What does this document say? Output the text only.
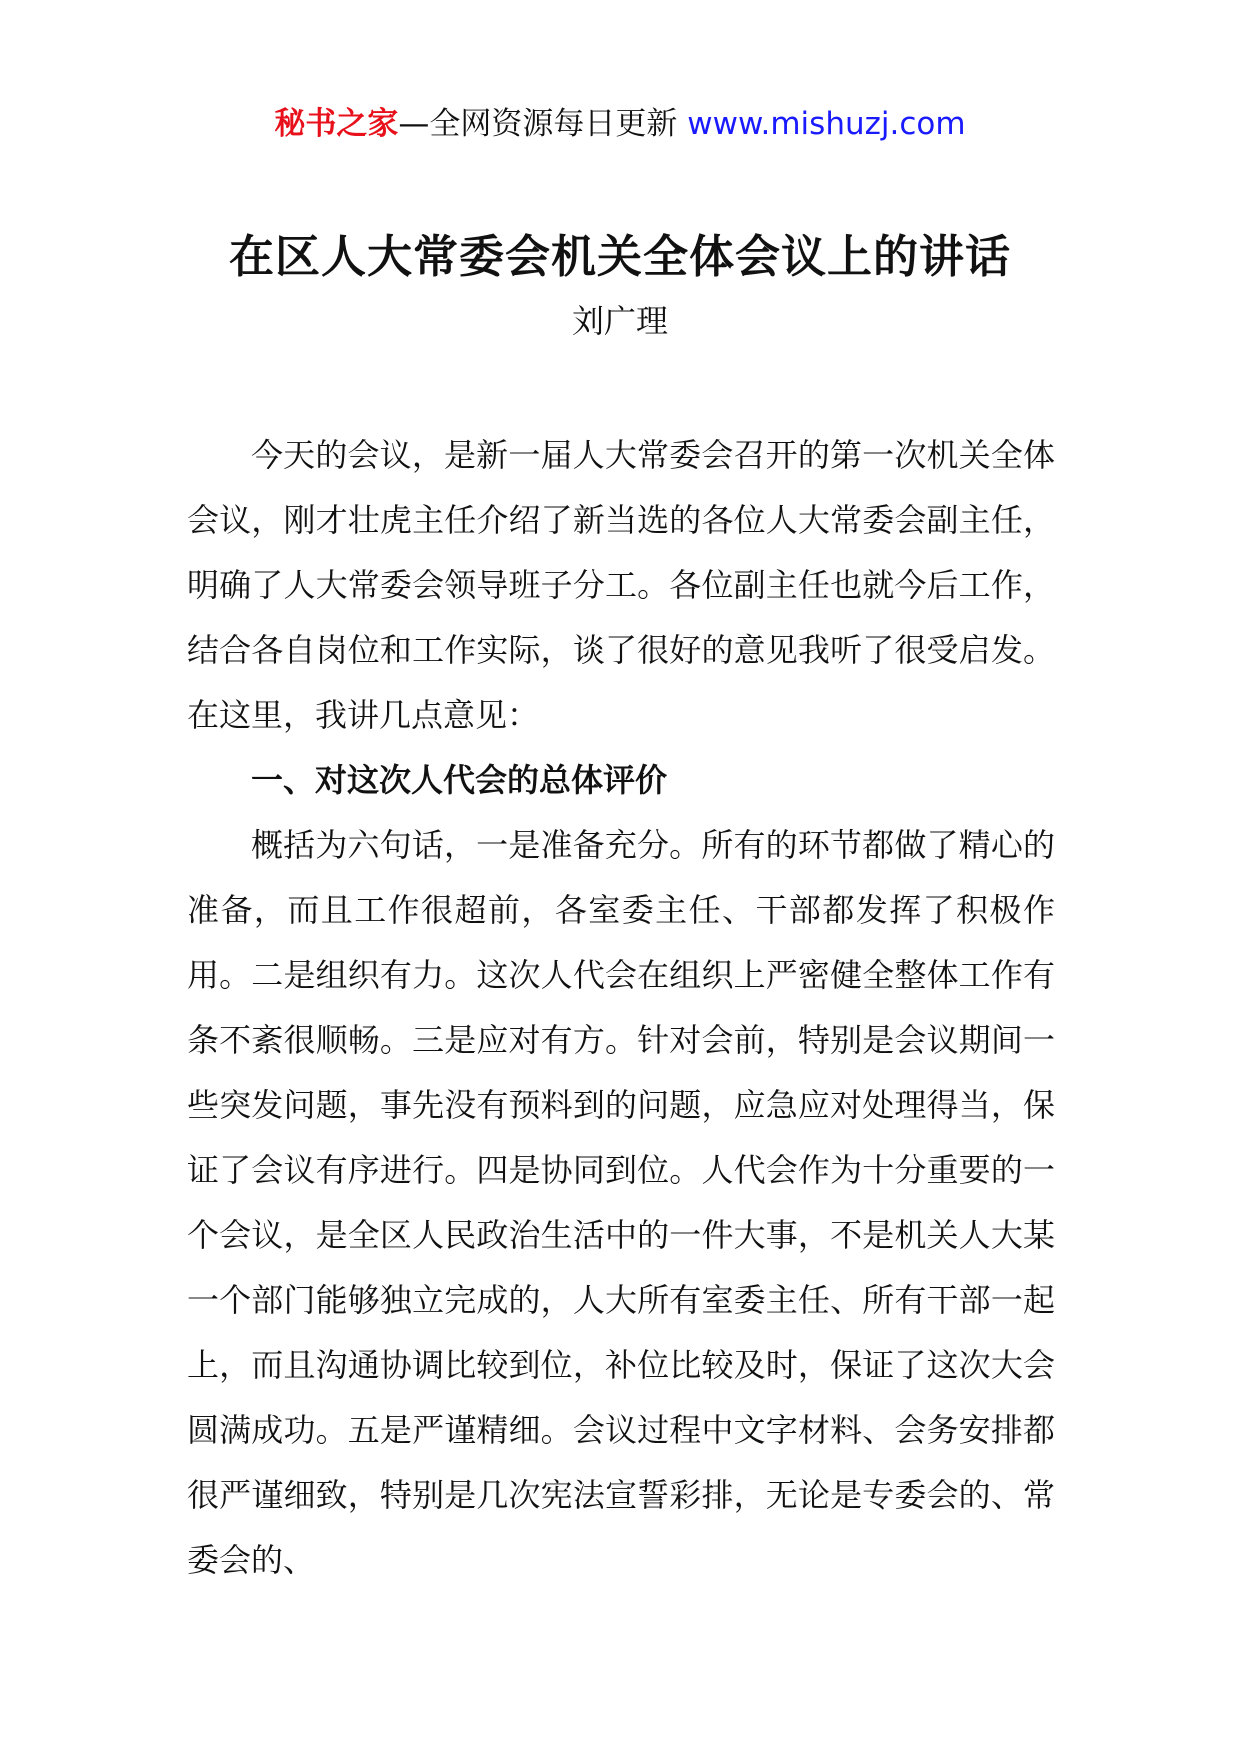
秘书之家—全网资源每日更新 www.mishuzj.com
在区人大常委会机关全体会议上的讲话
刘广理

今天的会议，是新一届人大常委会召开的第一次机关全体会议，刚才壮虎主任介绍了新当选的各位人大常委会副主任，明确了人大常委会领导班子分工。各位副主任也就今后工作，结合各自岗位和工作实际，谈了很好的意见我听了很受启发。在这里，我讲几点意见：

一、对这次人代会的总体评价

概括为六句话，一是准备充分。所有的环节都做了精心的准备，而且工作很超前，各室委主任、干部都发挥了积极作用。二是组织有力。这次人代会在组织上严密健全整体工作有条不紊很顺畅。三是应对有方。针对会前，特别是会议期间一些突发问题，事先没有预料到的问题，应急应对处理得当，保证了会议有序进行。四是协同到位。人代会作为十分重要的一个会议，是全区人民政治生活中的一件大事，不是机关人大某一个部门能够独立完成的，人大所有室委主任、所有干部一起上，而且沟通协调比较到位，补位比较及时，保证了这次大会圆满成功。五是严谨精细。会议过程中文字材料、会务安排都很严谨细致，特别是几次宪法宣誓彩排，无论是专委会的、常委会的、
